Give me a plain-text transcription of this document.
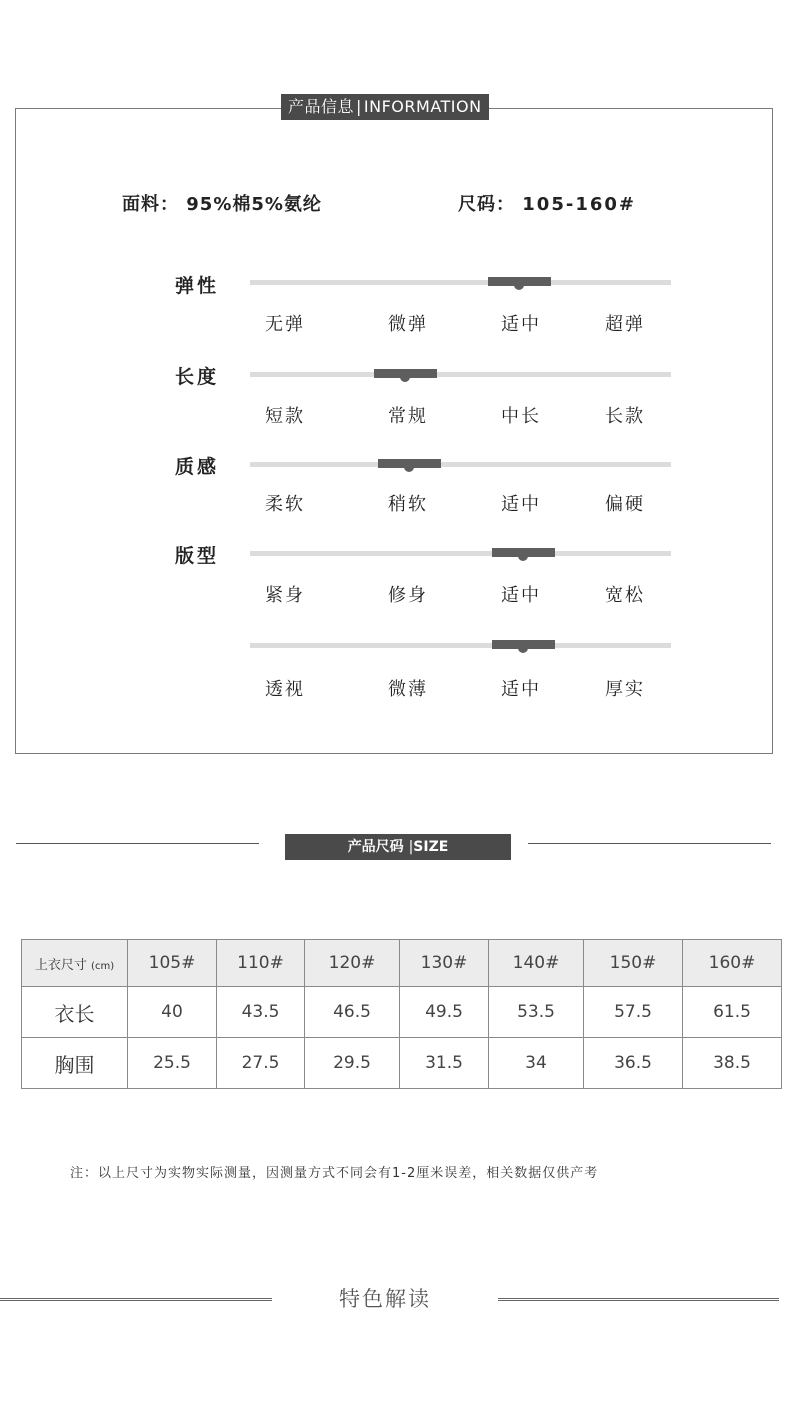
产品信息 | INFORMATION
面料： 95%棉5%氨纶	尺码： 105-160#
弹性
无弹	微弹	适中	超弹
长度
短款	常规	中长	长款
质感
柔软	稍软	适中	偏硬
版型
紧身	修身	适中	宽松
透视	微薄	适中	厚实
产品尺码 |SIZE
上衣尺寸 (cm)	105#	110#	120#	130#	140#	150#	160#
衣长	40	43.5	46.5	49.5	53.5	57.5	61.5
胸围	25.5	27.5	29.5	31.5	34	36.5	38.5
注：以上尺寸为实物实际测量，因测量方式不同会有1-2厘米误差，相关数据仅供产考
特色解读
